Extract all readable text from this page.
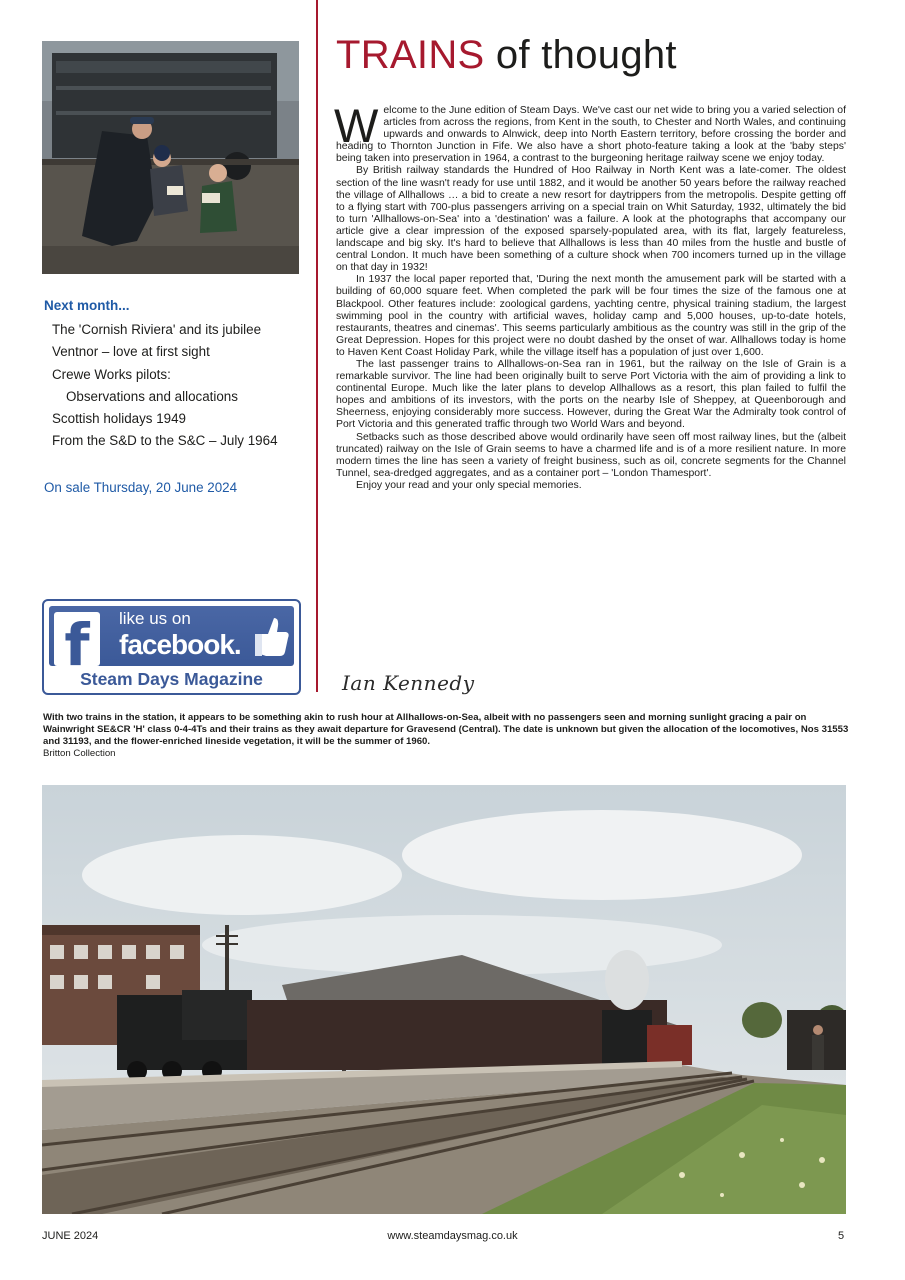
Next month...
The 'Cornish Riviera' and its jubilee
Ventnor – love at first sight
Crewe Works pilots:
Observations and allocations
Scottish holidays 1949
From the S&D to the S&C – July 1964
On sale Thursday, 20 June 2024
f	like us on
facebook.
Steam Days Magazine
TRAINS of thought

Welcome to the June edition of Steam Days. We've cast our net wide to bring you a varied selection of articles from across the regions, from Kent in the south, to Chester and North Wales, and continuing upwards and onwards to Alnwick, deep into North Eastern territory, before crossing the border and heading to Thornton Junction in Fife. We also have a short photo-feature taking a look at the 'baby steps' being taken into preservation in 1964, a contrast to the burgeoning heritage railway scene we enjoy today.

By British railway standards the Hundred of Hoo Railway in North Kent was a late-comer. The oldest section of the line wasn't ready for use until 1882, and it would be another 50 years before the railway reached the village of Allhallows … a bid to create a new resort for daytrippers from the metropolis. Despite getting off to a flying start with 700-plus passengers arriving on a special train on Whit Saturday, 1932, ultimately the bid to turn 'Allhallows-on-Sea' into a 'destination' was a failure. A look at the photographs that accompany our article give a clear impression of the exposed sparsely-populated area, with its flat, largely featureless, landscape and big sky. It's hard to believe that Allhallows is less than 40 miles from the hustle and bustle of central London. It much have been something of a culture shock when 700 incomers turned up in the village on that day in 1932!

In 1937 the local paper reported that, 'During the next month the amusement park will be started with a building of 60,000 square feet. When completed the park will be four times the size of the famous one at Blackpool. Other features include: zoological gardens, yachting centre, physical training stadium, the largest swimming pool in the country with artificial waves, holiday camp and 5,000 houses, up-to-date hotels, restaurants, theatres and cinemas'. This seems particularly ambitious as the country was still in the grip of the Great Depression. Hopes for this project were no doubt dashed by the onset of war. Allhallows today is home to Haven Kent Coast Holiday Park, while the village itself has a population of just over 1,600.

The last passenger trains to Allhallows-on-Sea ran in 1961, but the railway on the Isle of Grain is a remarkable survivor. The line had been originally built to serve Port Victoria with the aim of providing a link to continental Europe. Much like the later plans to develop Allhallows as a resort, this plan failed to fulfil the hopes and ambitions of its investors, with the ports on the nearby Isle of Sheppey, at Queenborough and Sheerness, enjoying considerably more success. However, during the Great War the Admiralty took control of Port Victoria and this generated traffic through two World Wars and beyond.

Setbacks such as those described above would ordinarily have seen off most railway lines, but the (albeit truncated) railway on the Isle of Grain seems to have a charmed life and is of a more resilient nature. In more modern times the line has seen a variety of freight business, such as oil, concrete segments for the Channel Tunnel, sea-dredged aggregates, and as a container port – 'London Thamesport'.

Enjoy your read and your only special memories.

Ian Kennedy
With two trains in the station, it appears to be something akin to rush hour at Allhallows-on-Sea, albeit with no passengers seen and morning sunlight gracing a pair on Wainwright SE&CR 'H' class 0-4-4Ts and their trains as they await departure for Gravesend (Central). The date is unknown but given the allocation of the locomotives, Nos 31553 and 31193, and the flower-enriched lineside vegetation, it will be the summer of 1960.
Britton Collection
JUNE 2024	www.steamdaysmag.co.uk	5
